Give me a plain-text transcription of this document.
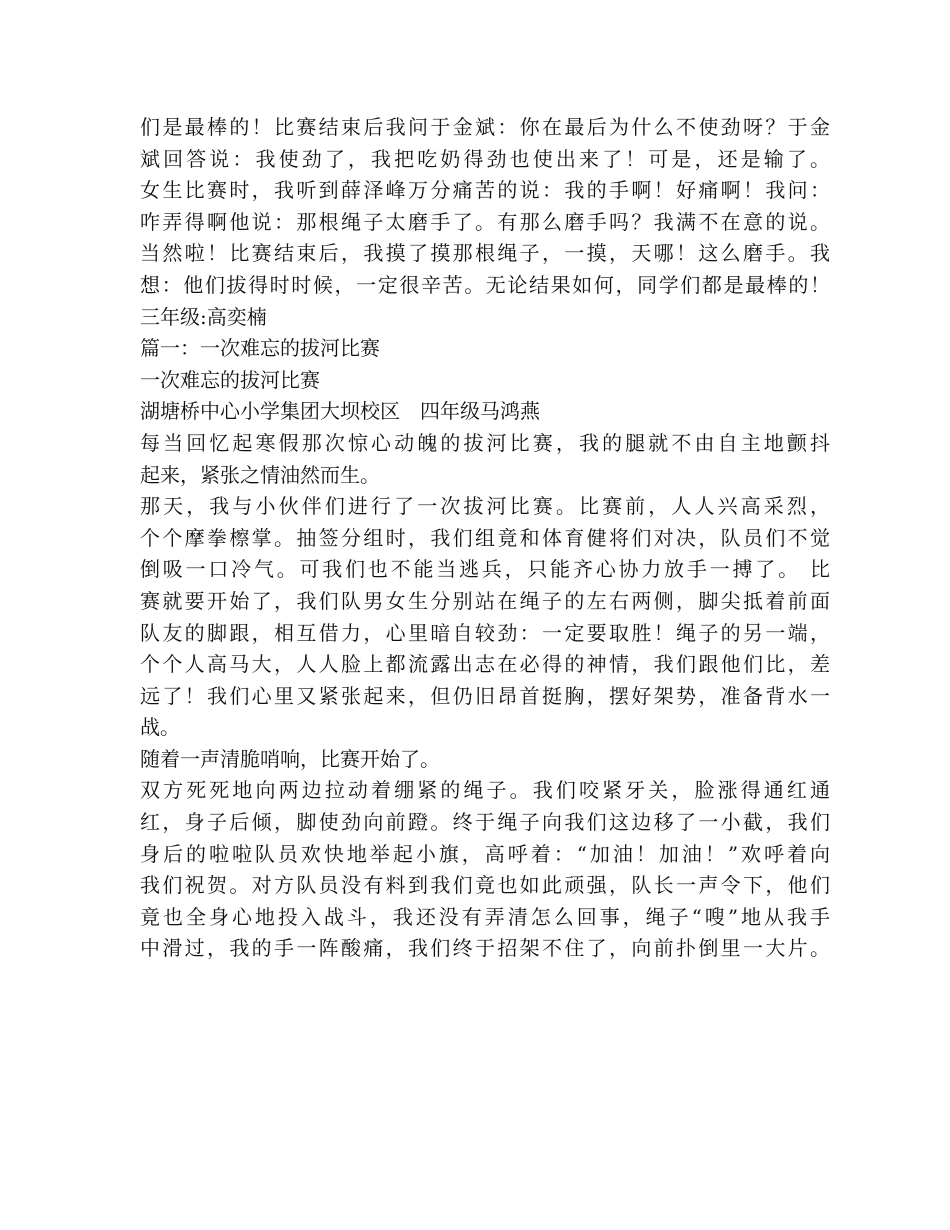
们是最棒的！比赛结束后我问于金斌：你在最后为什么不使劲呀？于金
斌回答说：我使劲了，我把吃奶得劲也使出来了！可是，还是输了。
女生比赛时，我听到薛泽峰万分痛苦的说：我的手啊！好痛啊！我问：
咋弄得啊他说：那根绳子太磨手了。有那么磨手吗？我满不在意的说。
当然啦！比赛结束后，我摸了摸那根绳子，一摸，天哪！这么磨手。我
想：他们拔得时时候，一定很辛苦。无论结果如何，同学们都是最棒的！
三年级:高奕楠
篇一：一次难忘的拔河比赛
一次难忘的拔河比赛
湖塘桥中心小学集团大坝校区　四年级马鸿燕
每当回忆起寒假那次惊心动魄的拔河比赛，我的腿就不由自主地颤抖
起来，紧张之情油然而生。
那天，我与小伙伴们进行了一次拔河比赛。比赛前，人人兴高采烈，
个个摩拳檫掌。抽签分组时，我们组竟和体育健将们对决，队员们不觉
倒吸一口冷气。可我们也不能当逃兵，只能齐心协力放手一搏了。 比
赛就要开始了，我们队男女生分别站在绳子的左右两侧，脚尖抵着前面
队友的脚跟，相互借力，心里暗自较劲：一定要取胜！绳子的另一端，
个个人高马大，人人脸上都流露出志在必得的神情，我们跟他们比，差
远了！我们心里又紧张起来，但仍旧昂首挺胸，摆好架势，准备背水一
战。
随着一声清脆哨响，比赛开始了。
双方死死地向两边拉动着绷紧的绳子。我们咬紧牙关，脸涨得通红通
红，身子后倾，脚使劲向前蹬。终于绳子向我们这边移了一小截，我们
身后的啦啦队员欢快地举起小旗，高呼着：“加油！加油！”欢呼着向
我们祝贺。对方队员没有料到我们竟也如此顽强，队长一声令下，他们
竟也全身心地投入战斗，我还没有弄清怎么回事，绳子“嗖”地从我手
中滑过，我的手一阵酸痛，我们终于招架不住了，向前扑倒里一大片。
